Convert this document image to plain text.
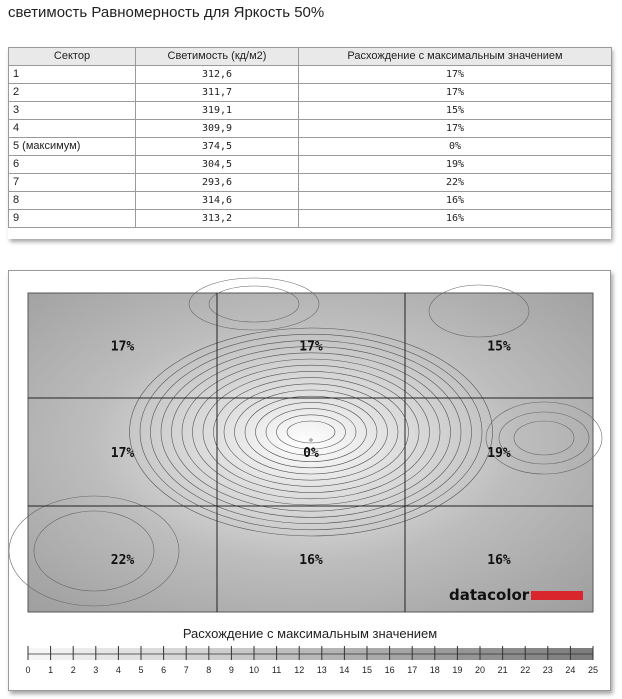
светимость Равномерность для Яркость 50%
Сектор	Светимость (кд/м2)	Расхождение с максимальным значением
1	312,6	17%
2	311,7	17%
3	319,1	15%
4	309,9	17%
5 (максимум)	374,5	0%
6	304,5	19%
7	293,6	22%
8	314,6	16%
9	313,2	16%
17%	17%	15%
17%	0%	19%
22%	16%	16%
datacolor
Расхождение с максимальным значением
0 1 2 3 4 5 6 7 8 9 10 11 12 13 14 15 16 17 18 19 20 21 22 23 24 25
